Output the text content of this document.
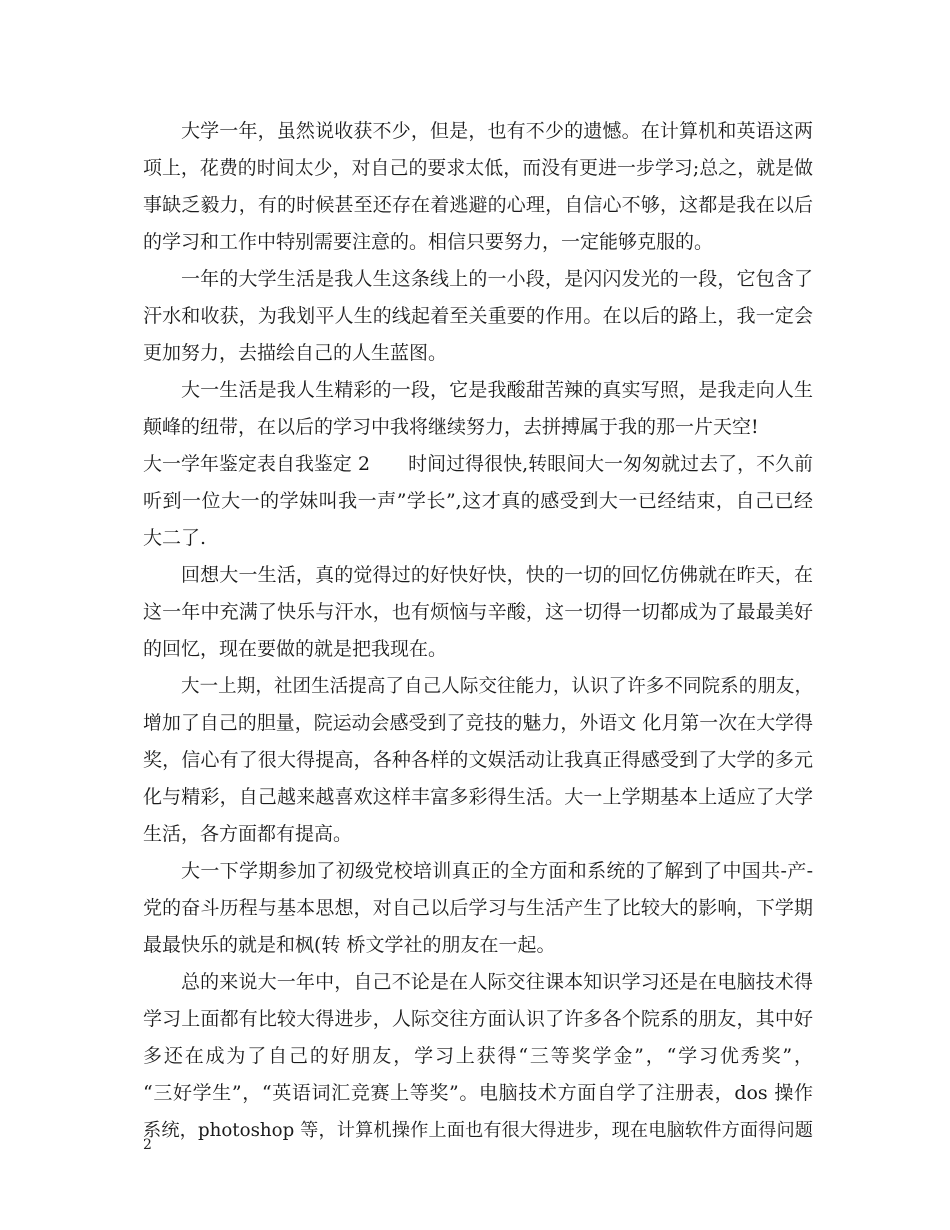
大学一年，虽然说收获不少，但是，也有不少的遗憾。在计算机和英语这两
项上，花费的时间太少，对自己的要求太低，而没有更进一步学习;总之，就是做
事缺乏毅力，有的时候甚至还存在着逃避的心理，自信心不够，这都是我在以后
的学习和工作中特别需要注意的。相信只要努力，一定能够克服的。
一年的大学生活是我人生这条线上的一小段，是闪闪发光的一段，它包含了
汗水和收获，为我划平人生的线起着至关重要的作用。在以后的路上，我一定会
更加努力，去描绘自己的人生蓝图。
大一生活是我人生精彩的一段，它是我酸甜苦辣的真实写照，是我走向人生
颠峰的纽带，在以后的学习中我将继续努力，去拼搏属于我的那一片天空!
大一学年鉴定表自我鉴定 2　　时间过得很快,转眼间大一匆匆就过去了，不久前
听到一位大一的学妹叫我一声”学长”,这才真的感受到大一已经结束，自己已经
大二了.
回想大一生活，真的觉得过的好快好快，快的一切的回忆仿佛就在昨天，在
这一年中充满了快乐与汗水，也有烦恼与辛酸，这一切得一切都成为了最最美好
的回忆，现在要做的就是把我现在。
大一上期，社团生活提高了自己人际交往能力，认识了许多不同院系的朋友，
增加了自己的胆量，院运动会感受到了竞技的魅力，外语文 化月第一次在大学得
奖，信心有了很大得提高，各种各样的文娱活动让我真正得感受到了大学的多元
化与精彩，自己越来越喜欢这样丰富多彩得生活。大一上学期基本上适应了大学
生活，各方面都有提高。
大一下学期参加了初级党校培训真正的全方面和系统的了解到了中国共-产-
党的奋斗历程与基本思想，对自己以后学习与生活产生了比较大的影响，下学期
最最快乐的就是和枫(转 桥文学社的朋友在一起。
总的来说大一年中，自己不论是在人际交往课本知识学习还是在电脑技术得
学习上面都有比较大得进步，人际交往方面认识了许多各个院系的朋友，其中好
多还在成为了自己的好朋友，学习上获得“三等奖学金”，“学习优秀奖”，
“三好学生”，“英语词汇竞赛上等奖”。电脑技术方面自学了注册表，dos 操作
系统，photoshop 等，计算机操作上面也有很大得进步，现在电脑软件方面得问题
2
